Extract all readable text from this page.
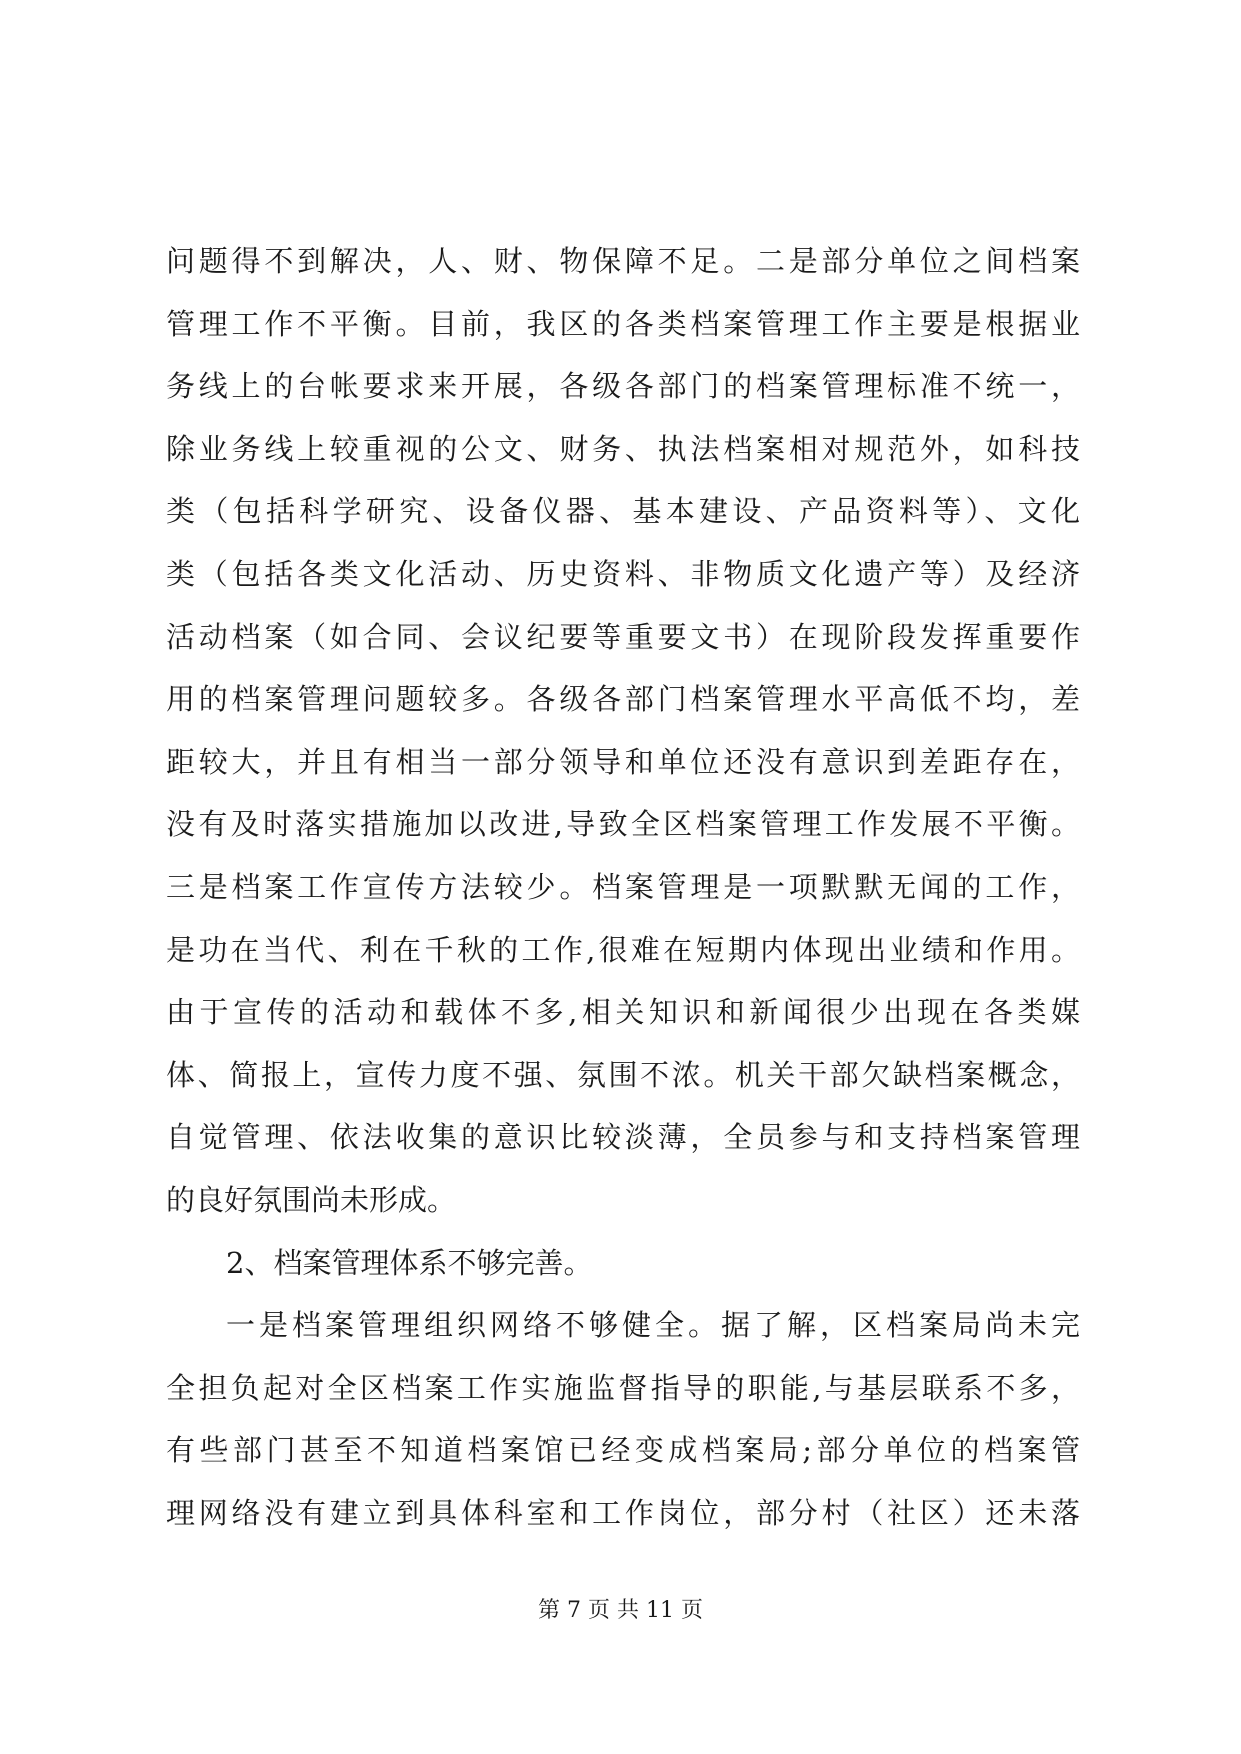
问题得不到解决，人、财、物保障不足。二是部分单位之间档案
管理工作不平衡。目前，我区的各类档案管理工作主要是根据业
务线上的台帐要求来开展，各级各部门的档案管理标准不统一，
除业务线上较重视的公文、财务、执法档案相对规范外，如科技
类（包括科学研究、设备仪器、基本建设、产品资料等）、文化
类（包括各类文化活动、历史资料、非物质文化遗产等）及经济
活动档案（如合同、会议纪要等重要文书）在现阶段发挥重要作
用的档案管理问题较多。各级各部门档案管理水平高低不均，差
距较大，并且有相当一部分领导和单位还没有意识到差距存在，
没有及时落实措施加以改进,导致全区档案管理工作发展不平衡。
三是档案工作宣传方法较少。档案管理是一项默默无闻的工作，
是功在当代、利在千秋的工作,很难在短期内体现出业绩和作用。
由于宣传的活动和载体不多,相关知识和新闻很少出现在各类媒
体、简报上，宣传力度不强、氛围不浓。机关干部欠缺档案概念，
自觉管理、依法收集的意识比较淡薄，全员参与和支持档案管理
的良好氛围尚未形成。
2、档案管理体系不够完善。
一是档案管理组织网络不够健全。据了解，区档案局尚未完
全担负起对全区档案工作实施监督指导的职能,与基层联系不多，
有些部门甚至不知道档案馆已经变成档案局;部分单位的档案管
理网络没有建立到具体科室和工作岗位，部分村（社区）还未落
第 7 页 共 11 页
